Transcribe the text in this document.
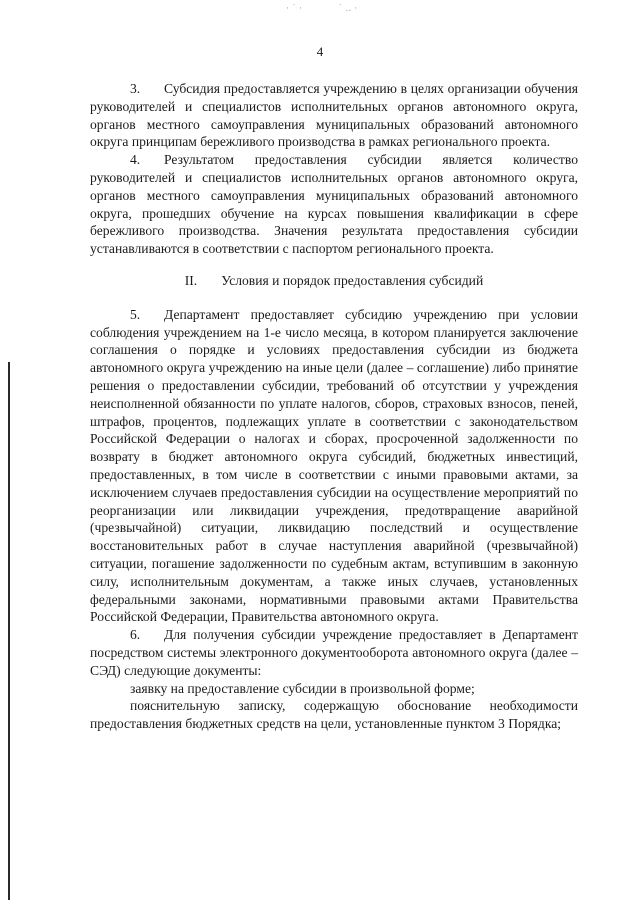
· ˙ ·	˙ ‥ ·
4

3. Субсидия предоставляется учреждению в целях организации обучения руководителей и специалистов исполнительных органов автономного округа, органов местного самоуправления муниципальных образований автономного округа принципам бережливого производства в рамках регионального проекта.

4. Результатом предоставления субсидии является количество руководителей и специалистов исполнительных органов автономного округа, органов местного самоуправления муниципальных образований автономного округа, прошедших обучение на курсах повышения квалификации в сфере бережливого производства. Значения результата предоставления субсидии устанавливаются в соответствии с паспортом регионального проекта.

II. Условия и порядок предоставления субсидий

5. Департамент предоставляет субсидию учреждению при условии соблюдения учреждением на 1-е число месяца, в котором планируется заключение соглашения о порядке и условиях предоставления субсидии из бюджета автономного округа учреждению на иные цели (далее – соглашение) либо принятие решения о предоставлении субсидии, требований об отсутствии у учреждения неисполненной обязанности по уплате налогов, сборов, страховых взносов, пеней, штрафов, процентов, подлежащих уплате в соответствии с законодательством Российской Федерации о налогах и сборах, просроченной задолженности по возврату в бюджет автономного округа субсидий, бюджетных инвестиций, предоставленных, в том числе в соответствии с иными правовыми актами, за исключением случаев предоставления субсидии на осуществление мероприятий по реорганизации или ликвидации учреждения, предотвращение аварийной (чрезвычайной) ситуации, ликвидацию последствий и осуществление восстановительных работ в случае наступления аварийной (чрезвычайной) ситуации, погашение задолженности по судебным актам, вступившим в законную силу, исполнительным документам, а также иных случаев, установленных федеральными законами, нормативными правовыми актами Правительства Российской Федерации, Правительства автономного округа.

6. Для получения субсидии учреждение предоставляет в Департамент посредством системы электронного документооборота автономного округа (далее – СЭД) следующие документы:

заявку на предоставление субсидии в произвольной форме;

пояснительную записку, содержащую обоснование необходимости предоставления бюджетных средств на цели, установленные пунктом 3 Порядка;
